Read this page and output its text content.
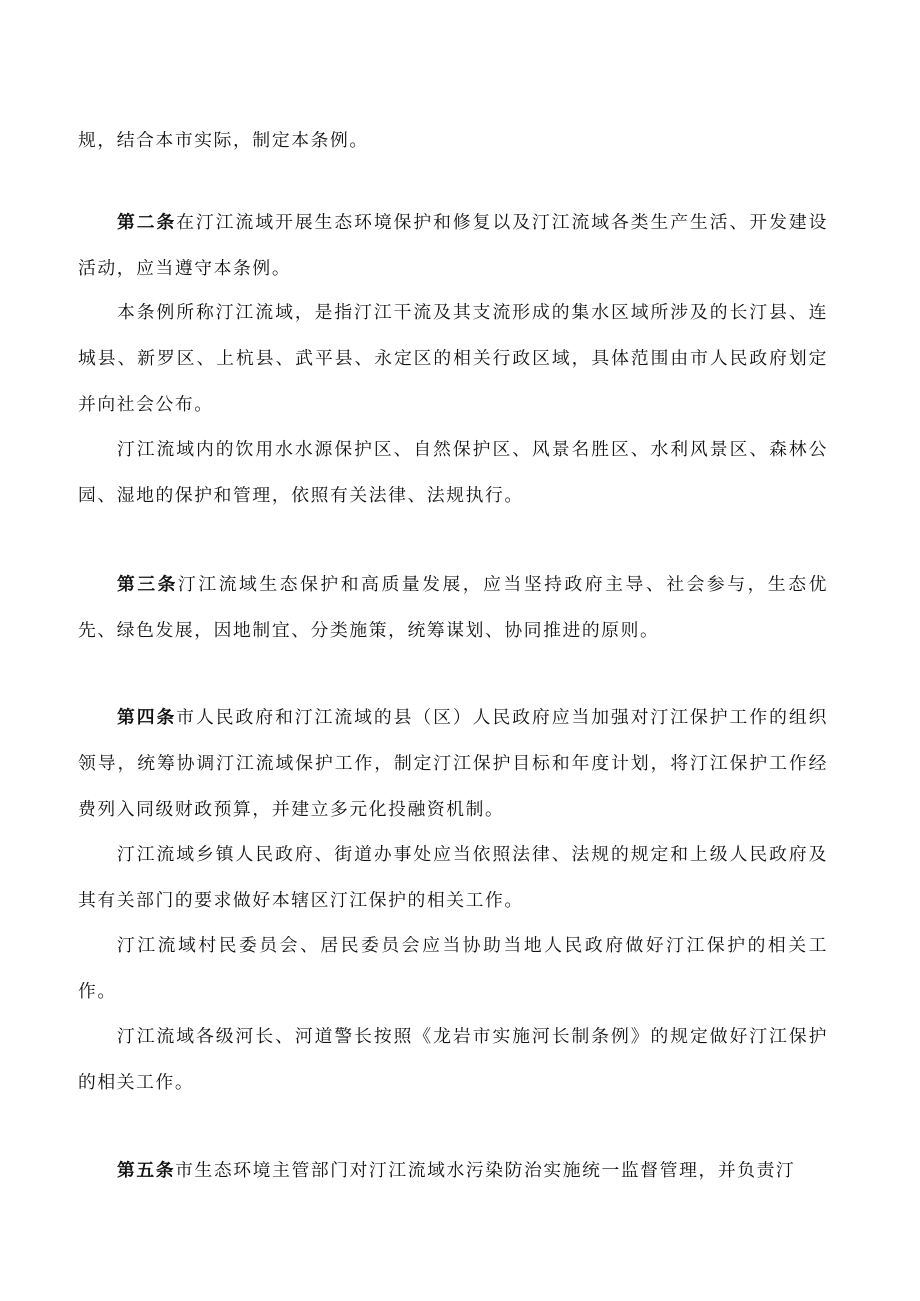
规，结合本市实际，制定本条例。

第二条在汀江流域开展生态环境保护和修复以及汀江流域各类生产生活、开发建设活动，应当遵守本条例。

本条例所称汀江流域，是指汀江干流及其支流形成的集水区域所涉及的长汀县、连城县、新罗区、上杭县、武平县、永定区的相关行政区域，具体范围由市人民政府划定并向社会公布。

汀江流域内的饮用水水源保护区、自然保护区、风景名胜区、水利风景区、森林公园、湿地的保护和管理，依照有关法律、法规执行。

第三条汀江流域生态保护和高质量发展，应当坚持政府主导、社会参与，生态优先、绿色发展，因地制宜、分类施策，统筹谋划、协同推进的原则。

第四条市人民政府和汀江流域的县（区）人民政府应当加强对汀江保护工作的组织领导，统筹协调汀江流域保护工作，制定汀江保护目标和年度计划，将汀江保护工作经费列入同级财政预算，并建立多元化投融资机制。

汀江流域乡镇人民政府、街道办事处应当依照法律、法规的规定和上级人民政府及其有关部门的要求做好本辖区汀江保护的相关工作。

汀江流域村民委员会、居民委员会应当协助当地人民政府做好汀江保护的相关工作。

汀江流域各级河长、河道警长按照《龙岩市实施河长制条例》的规定做好汀江保护的相关工作。

第五条市生态环境主管部门对汀江流域水污染防治实施统一监督管理，并负责汀
